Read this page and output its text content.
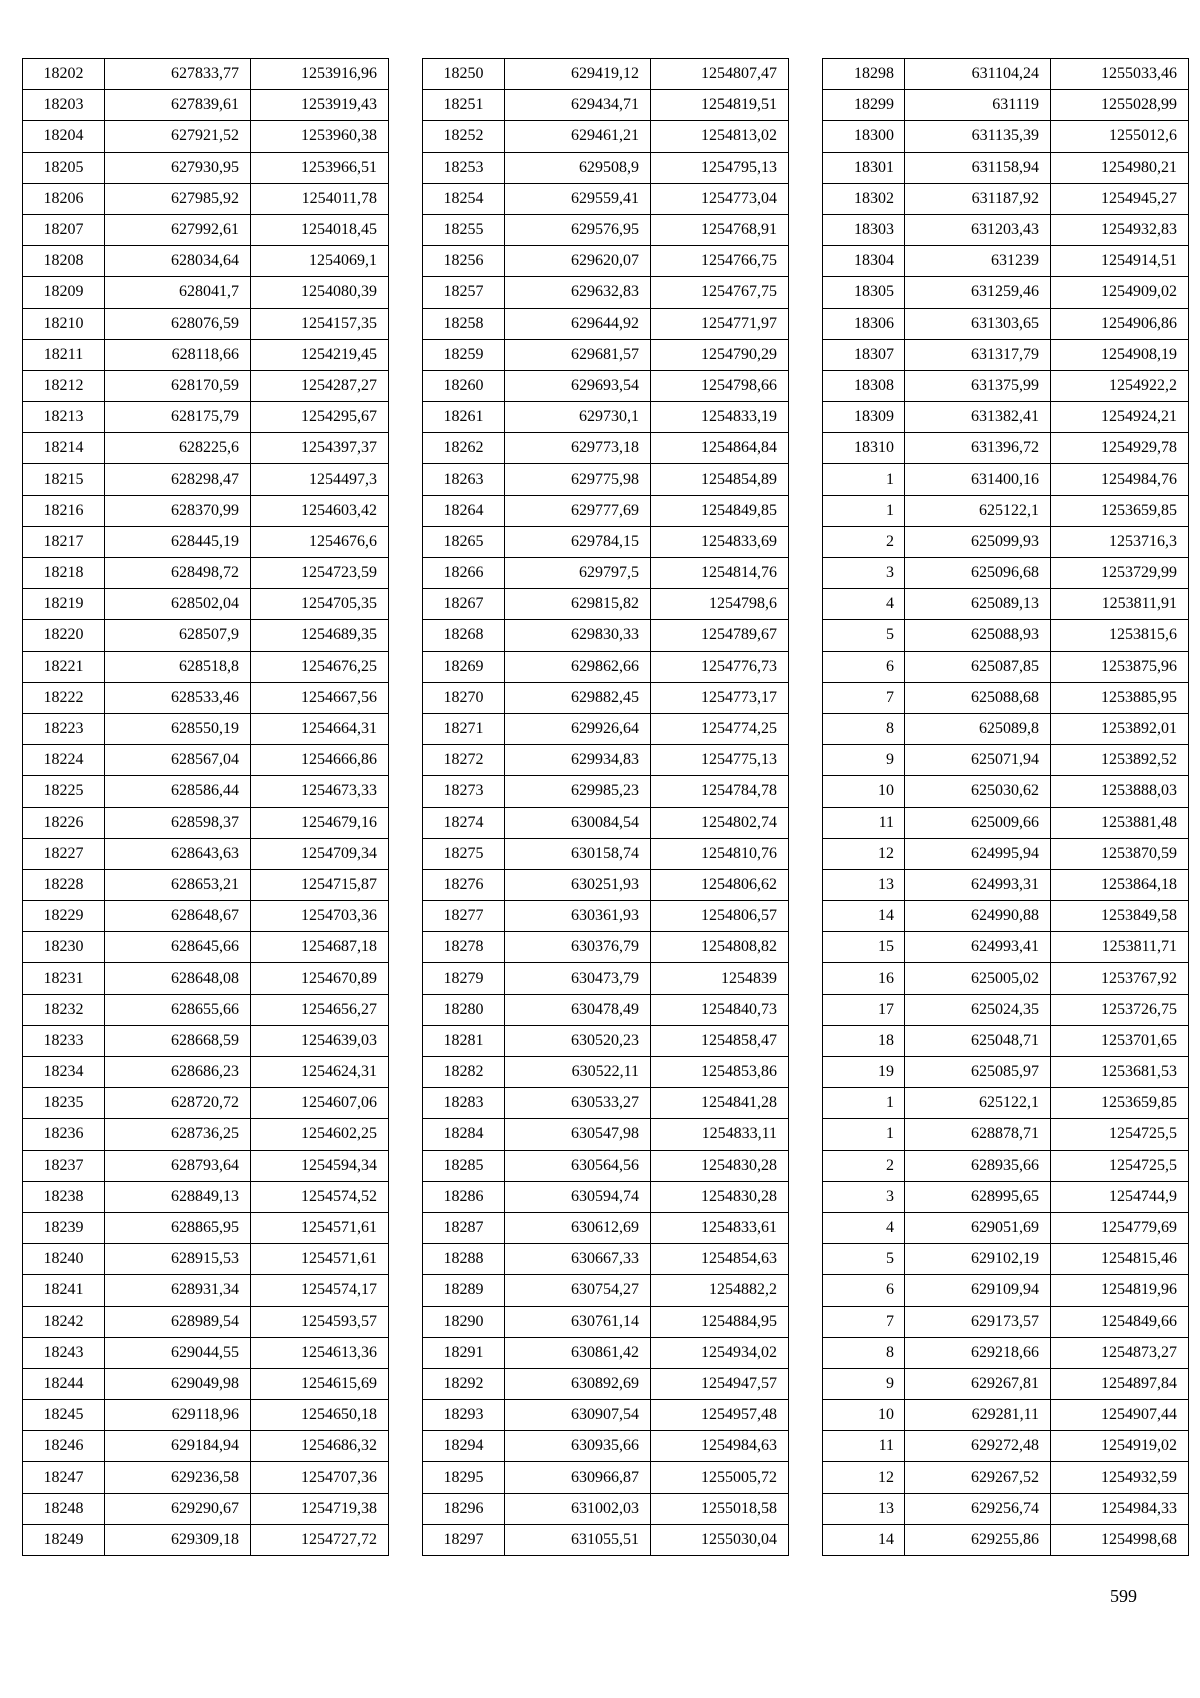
18202	627833,77	1253916,96
18203	627839,61	1253919,43
18204	627921,52	1253960,38
18205	627930,95	1253966,51
18206	627985,92	1254011,78
18207	627992,61	1254018,45
18208	628034,64	1254069,1
18209	628041,7	1254080,39
18210	628076,59	1254157,35
18211	628118,66	1254219,45
18212	628170,59	1254287,27
18213	628175,79	1254295,67
18214	628225,6	1254397,37
18215	628298,47	1254497,3
18216	628370,99	1254603,42
18217	628445,19	1254676,6
18218	628498,72	1254723,59
18219	628502,04	1254705,35
18220	628507,9	1254689,35
18221	628518,8	1254676,25
18222	628533,46	1254667,56
18223	628550,19	1254664,31
18224	628567,04	1254666,86
18225	628586,44	1254673,33
18226	628598,37	1254679,16
18227	628643,63	1254709,34
18228	628653,21	1254715,87
18229	628648,67	1254703,36
18230	628645,66	1254687,18
18231	628648,08	1254670,89
18232	628655,66	1254656,27
18233	628668,59	1254639,03
18234	628686,23	1254624,31
18235	628720,72	1254607,06
18236	628736,25	1254602,25
18237	628793,64	1254594,34
18238	628849,13	1254574,52
18239	628865,95	1254571,61
18240	628915,53	1254571,61
18241	628931,34	1254574,17
18242	628989,54	1254593,57
18243	629044,55	1254613,36
18244	629049,98	1254615,69
18245	629118,96	1254650,18
18246	629184,94	1254686,32
18247	629236,58	1254707,36
18248	629290,67	1254719,38
18249	629309,18	1254727,72
18250	629419,12	1254807,47
18251	629434,71	1254819,51
18252	629461,21	1254813,02
18253	629508,9	1254795,13
18254	629559,41	1254773,04
18255	629576,95	1254768,91
18256	629620,07	1254766,75
18257	629632,83	1254767,75
18258	629644,92	1254771,97
18259	629681,57	1254790,29
18260	629693,54	1254798,66
18261	629730,1	1254833,19
18262	629773,18	1254864,84
18263	629775,98	1254854,89
18264	629777,69	1254849,85
18265	629784,15	1254833,69
18266	629797,5	1254814,76
18267	629815,82	1254798,6
18268	629830,33	1254789,67
18269	629862,66	1254776,73
18270	629882,45	1254773,17
18271	629926,64	1254774,25
18272	629934,83	1254775,13
18273	629985,23	1254784,78
18274	630084,54	1254802,74
18275	630158,74	1254810,76
18276	630251,93	1254806,62
18277	630361,93	1254806,57
18278	630376,79	1254808,82
18279	630473,79	1254839
18280	630478,49	1254840,73
18281	630520,23	1254858,47
18282	630522,11	1254853,86
18283	630533,27	1254841,28
18284	630547,98	1254833,11
18285	630564,56	1254830,28
18286	630594,74	1254830,28
18287	630612,69	1254833,61
18288	630667,33	1254854,63
18289	630754,27	1254882,2
18290	630761,14	1254884,95
18291	630861,42	1254934,02
18292	630892,69	1254947,57
18293	630907,54	1254957,48
18294	630935,66	1254984,63
18295	630966,87	1255005,72
18296	631002,03	1255018,58
18297	631055,51	1255030,04
18298	631104,24	1255033,46
18299	631119	1255028,99
18300	631135,39	1255012,6
18301	631158,94	1254980,21
18302	631187,92	1254945,27
18303	631203,43	1254932,83
18304	631239	1254914,51
18305	631259,46	1254909,02
18306	631303,65	1254906,86
18307	631317,79	1254908,19
18308	631375,99	1254922,2
18309	631382,41	1254924,21
18310	631396,72	1254929,78
1	631400,16	1254984,76
1	625122,1	1253659,85
2	625099,93	1253716,3
3	625096,68	1253729,99
4	625089,13	1253811,91
5	625088,93	1253815,6
6	625087,85	1253875,96
7	625088,68	1253885,95
8	625089,8	1253892,01
9	625071,94	1253892,52
10	625030,62	1253888,03
11	625009,66	1253881,48
12	624995,94	1253870,59
13	624993,31	1253864,18
14	624990,88	1253849,58
15	624993,41	1253811,71
16	625005,02	1253767,92
17	625024,35	1253726,75
18	625048,71	1253701,65
19	625085,97	1253681,53
1	625122,1	1253659,85
1	628878,71	1254725,5
2	628935,66	1254725,5
3	628995,65	1254744,9
4	629051,69	1254779,69
5	629102,19	1254815,46
6	629109,94	1254819,96
7	629173,57	1254849,66
8	629218,66	1254873,27
9	629267,81	1254897,84
10	629281,11	1254907,44
11	629272,48	1254919,02
12	629267,52	1254932,59
13	629256,74	1254984,33
14	629255,86	1254998,68
599
